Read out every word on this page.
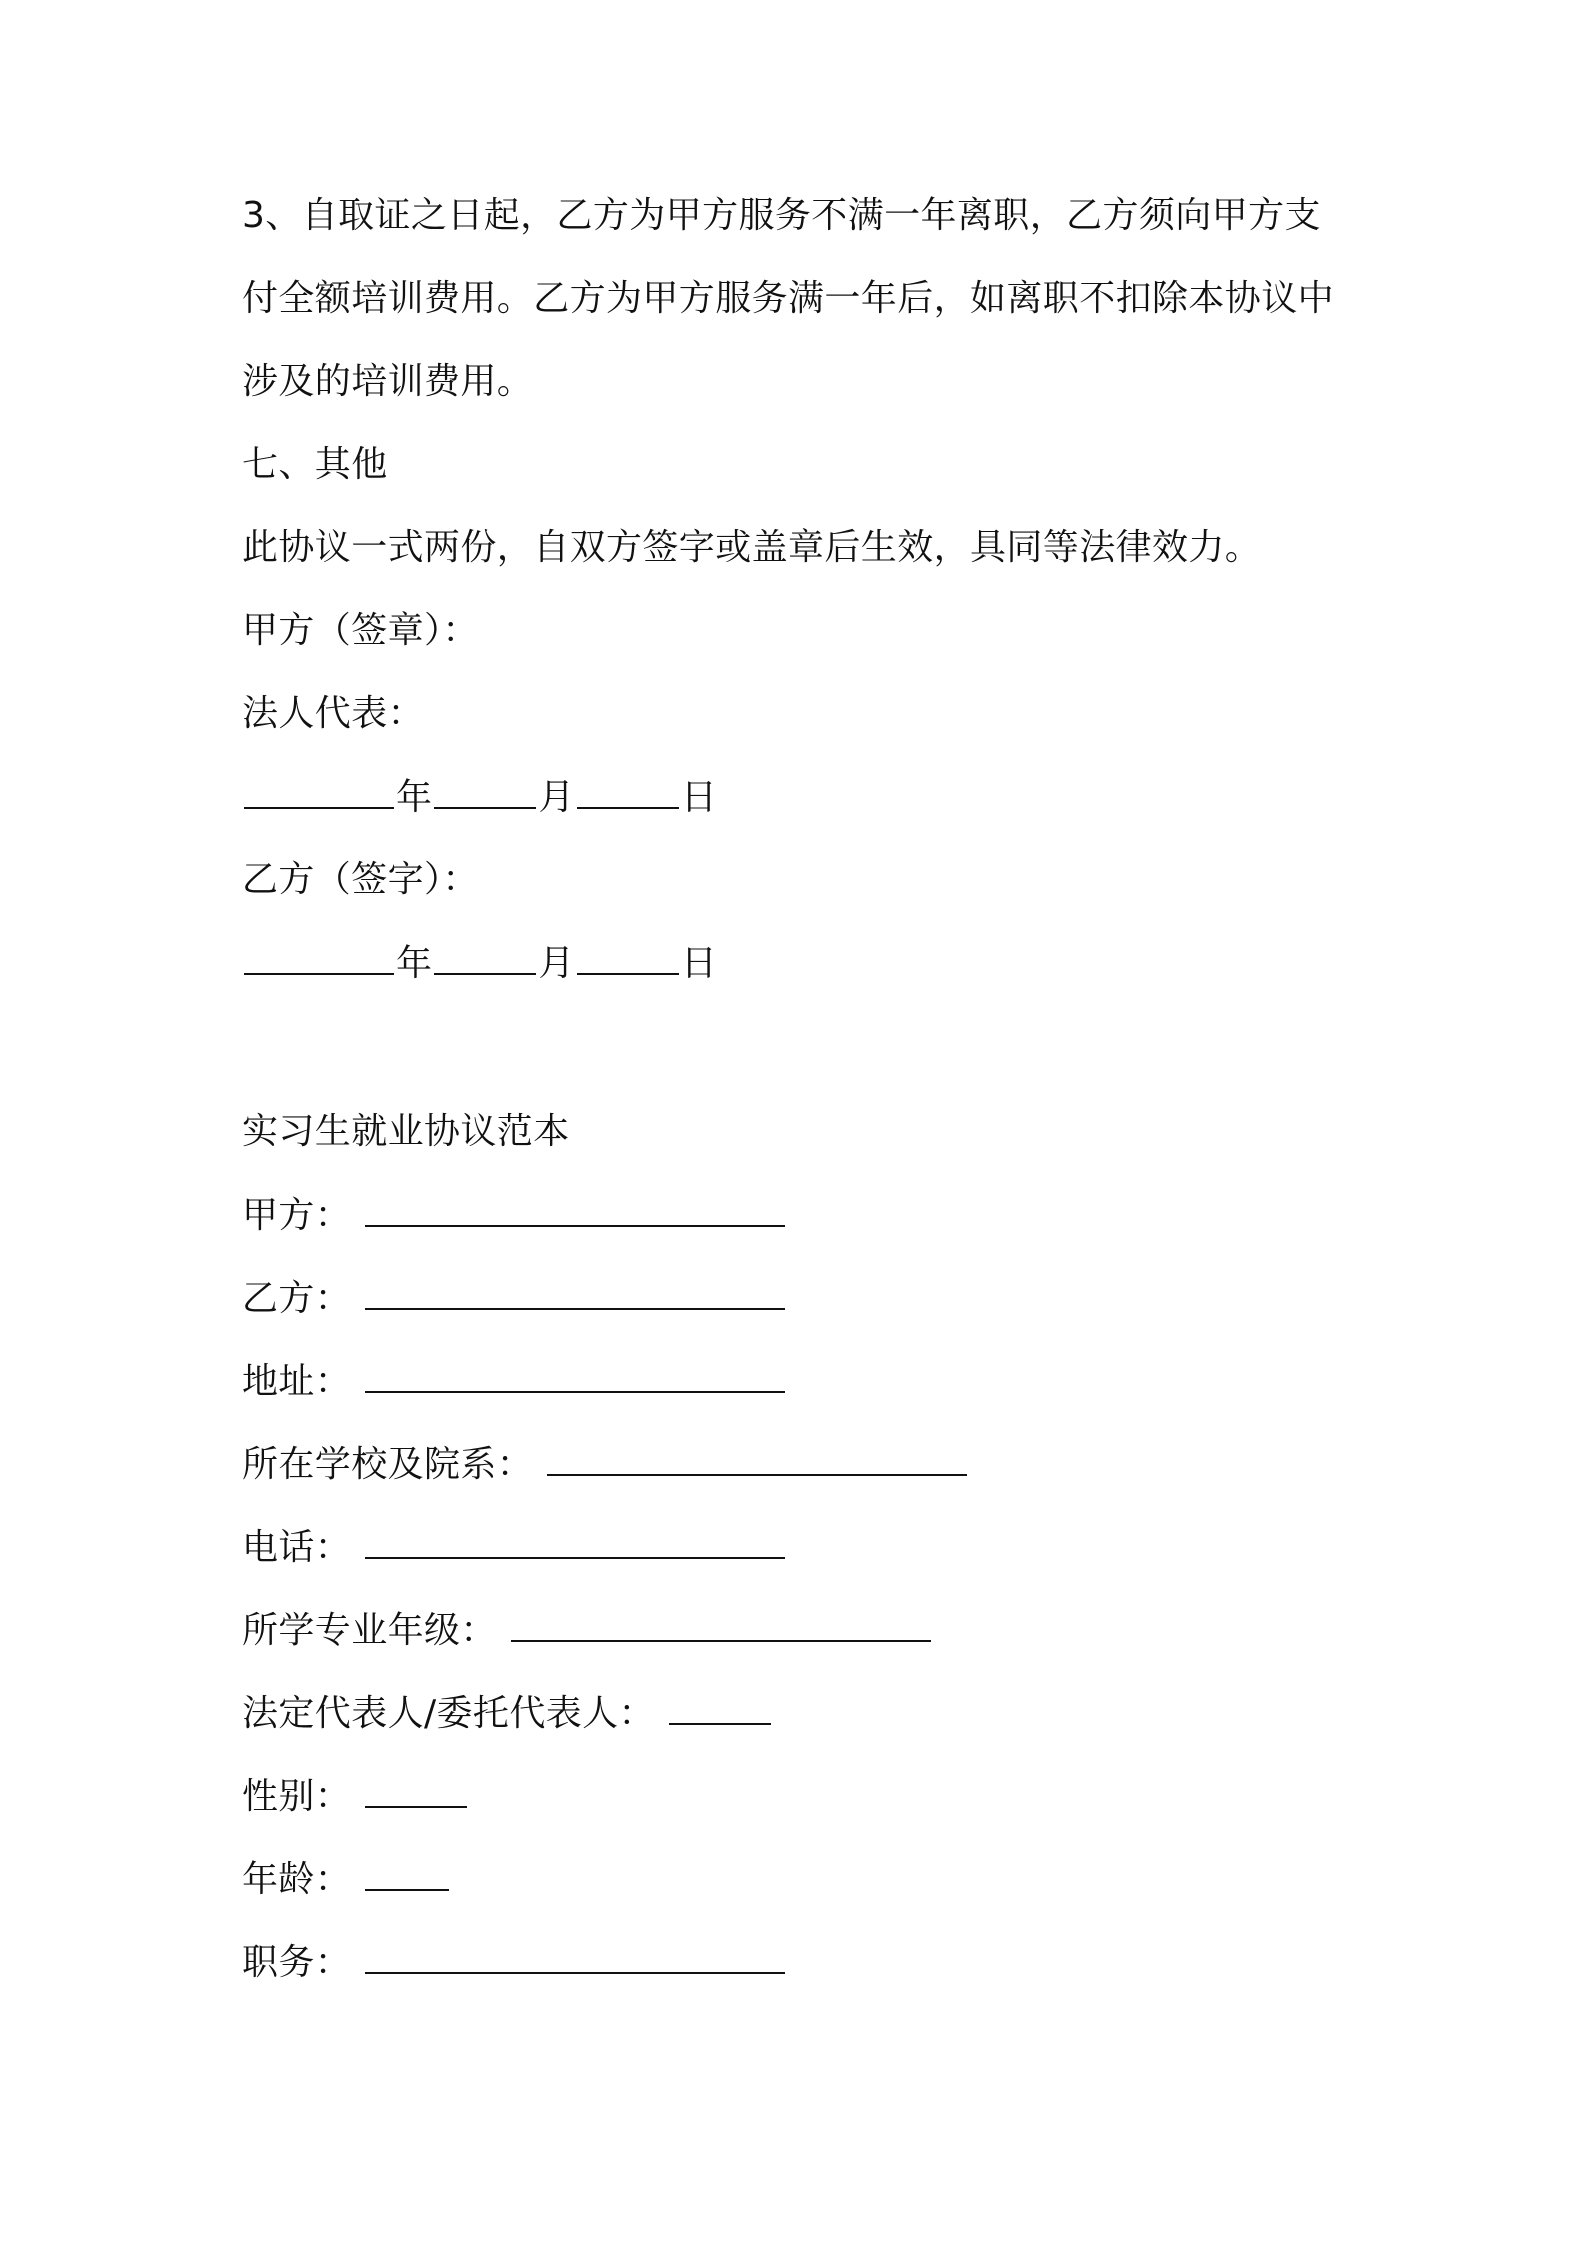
3、自取证之日起，乙方为甲方服务不满一年离职，乙方须向甲方支
付全额培训费用。乙方为甲方服务满一年后，如离职不扣除本协议中
涉及的培训费用。
七、其他
此协议一式两份，自双方签字或盖章后生效，具同等法律效力。
甲方（签章）：
法人代表：
年	月	日
乙方（签字）：
年	月	日
实习生就业协议范本
甲方：
乙方：
地址：
所在学校及院系：
电话：
所学专业年级：
法定代表人/委托代表人：
性别：
年龄：
职务：
